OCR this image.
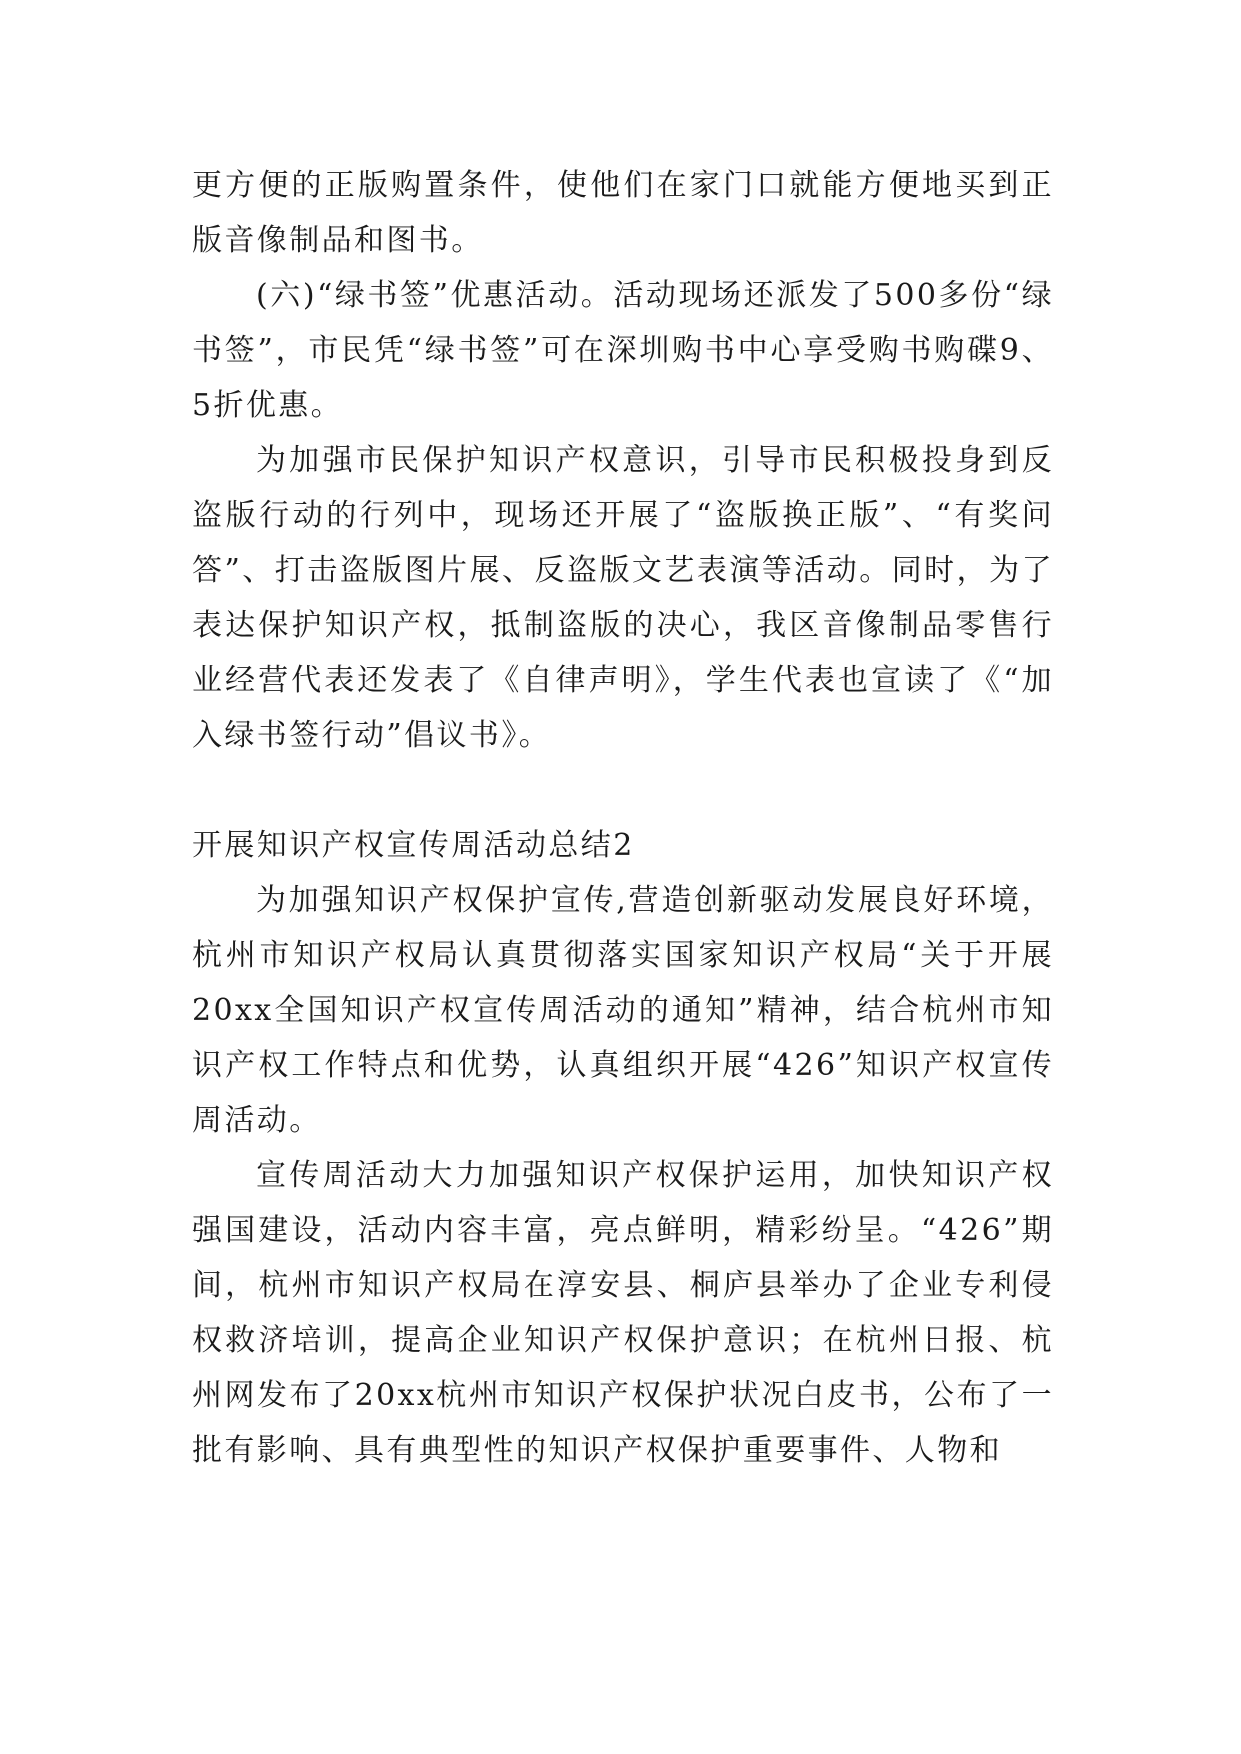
更方便的正版购置条件，使他们在家门口就能方便地买到正版音像制品和图书。

(六)“绿书签”优惠活动。活动现场还派发了500多份“绿书签”，市民凭“绿书签”可在深圳购书中心享受购书购碟9、5折优惠。

为加强市民保护知识产权意识，引导市民积极投身到反盗版行动的行列中，现场还开展了“盗版换正版”、“有奖问答”、打击盗版图片展、反盗版文艺表演等活动。同时，为了表达保护知识产权，抵制盗版的决心，我区音像制品零售行业经营代表还发表了《自律声明》，学生代表也宣读了《“加入绿书签行动”倡议书》。

开展知识产权宣传周活动总结2

为加强知识产权保护宣传,营造创新驱动发展良好环境，杭州市知识产权局认真贯彻落实国家知识产权局“关于开展20xx全国知识产权宣传周活动的通知”精神，结合杭州市知识产权工作特点和优势，认真组织开展“426”知识产权宣传周活动。

宣传周活动大力加强知识产权保护运用，加快知识产权强国建设，活动内容丰富，亮点鲜明，精彩纷呈。“426”期间，杭州市知识产权局在淳安县、桐庐县举办了企业专利侵权救济培训，提高企业知识产权保护意识；在杭州日报、杭州网发布了20xx杭州市知识产权保护状况白皮书，公布了一批有影响、具有典型性的知识产权保护重要事件、人物和
